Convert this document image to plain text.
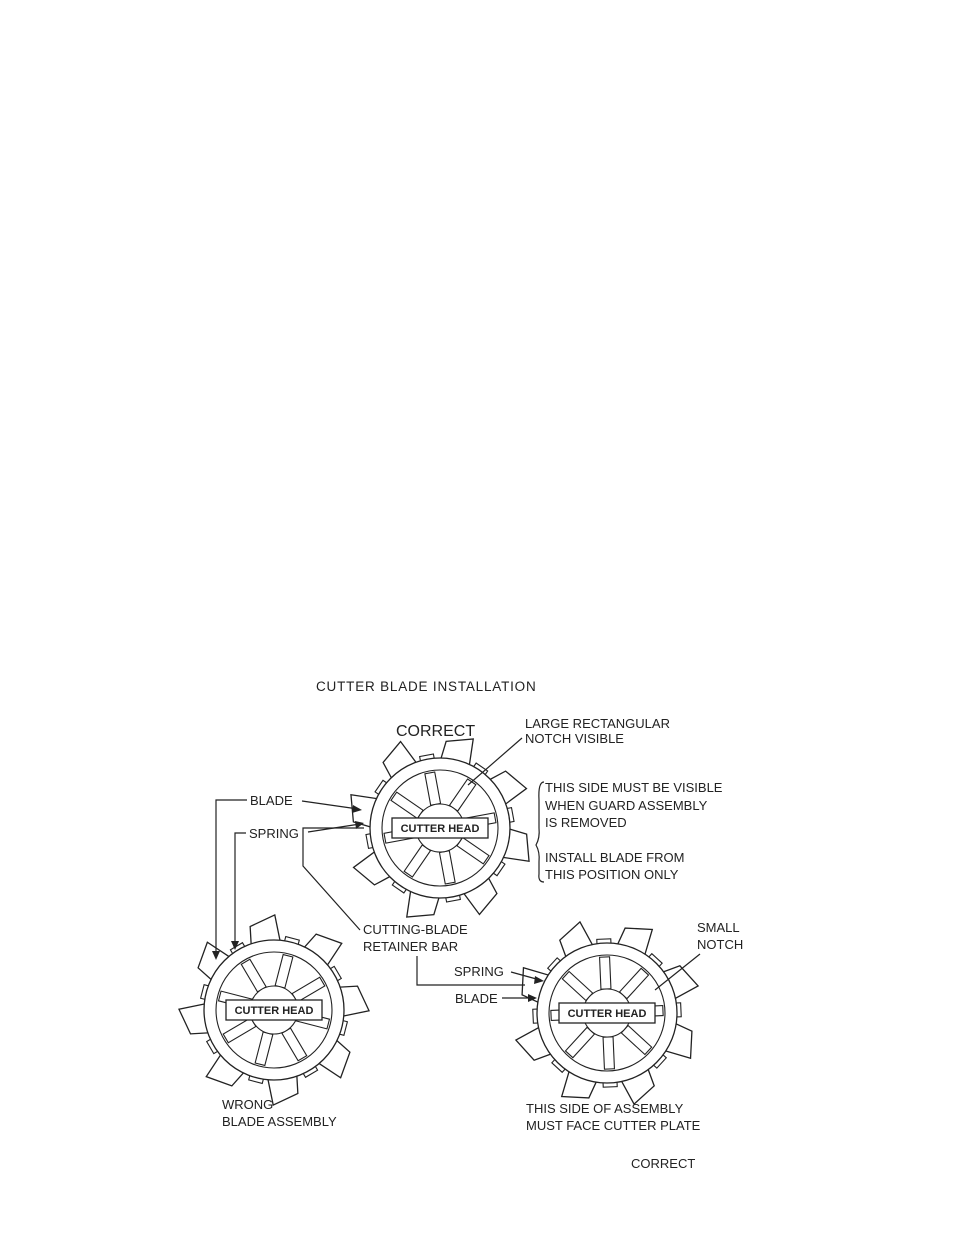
CUTTER BLADE INSTALLATION
CUTTER HEAD
CUTTER HEAD	CUTTER HEAD
CORRECT	LARGE RECTANGULAR
NOTCH VISIBLE
BLADE
SPRING
THIS SIDE MUST BE VISIBLE
WHEN GUARD ASSEMBLY
IS REMOVED
INSTALL BLADE FROM
THIS POSITION ONLY
CUTTING-BLADE
RETAINER BAR
SMALL
NOTCH
SPRING
BLADE
WRONG
BLADE ASSEMBLY
THIS SIDE OF ASSEMBLY
MUST FACE CUTTER PLATE
CORRECT
